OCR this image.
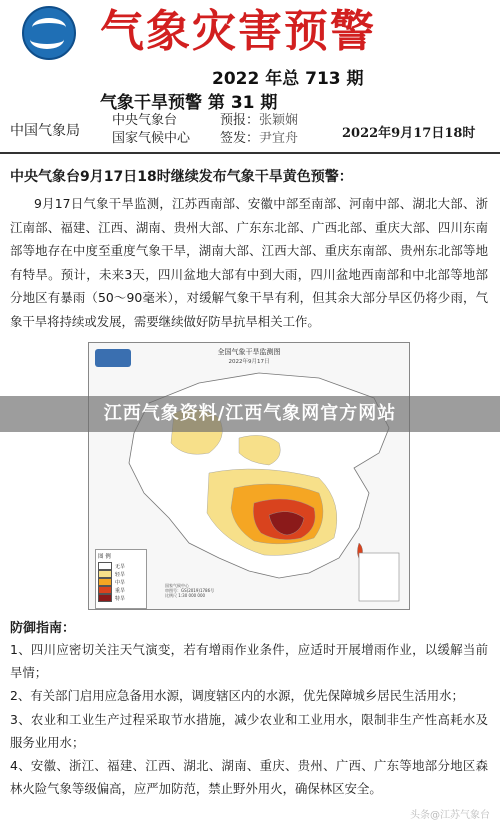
气象灾害预警
2022 年总 713 期
气象干旱预警 第 31 期
中国气象局
中央气象台
国家气候中心
预报：张颖娴
签发：尹宜舟	2022年9月17日18时
中央气象台9月17日18时继续发布气象干旱黄色预警：
9月17日气象干旱监测，江苏西南部、安徽中部至南部、河南中部、湖北大部、浙江南部、福建、江西、湖南、贵州大部、广东东北部、广西北部、重庆大部、四川东南部等地存在中度至重度气象干旱，湖南大部、江西大部、重庆东南部、贵州东北部等地有特旱。预计，未来3天，四川盆地大部有中到大雨，四川盆地西南部和中北部等地部分地区有暴雨（50～90毫米），对缓解气象干旱有利，但其余大部分旱区仍将少雨，气象干旱将持续或发展，需要继续做好防旱抗旱相关工作。
全国气象干旱监测图
2022年9月17日
图 例
无旱
轻旱
中旱
重旱
特旱
国家气候中心
审图号：GS(2019)1786号
比例尺 1:30 000 000
江西气象资料/江西气象网官方网站
防御指南：

1、四川应密切关注天气演变，若有增雨作业条件，应适时开展增雨作业，以缓解当前旱情；

2、有关部门启用应急备用水源，调度辖区内的水源，优先保障城乡居民生活用水；

3、农业和工业生产过程采取节水措施，减少农业和工业用水，限制非生产性高耗水及服务业用水；

4、安徽、浙江、福建、江西、湖北、湖南、重庆、贵州、广西、广东等地部分地区森林火险气象等级偏高，应严加防范，禁止野外用火，确保林区安全。

头条@江苏气象台
